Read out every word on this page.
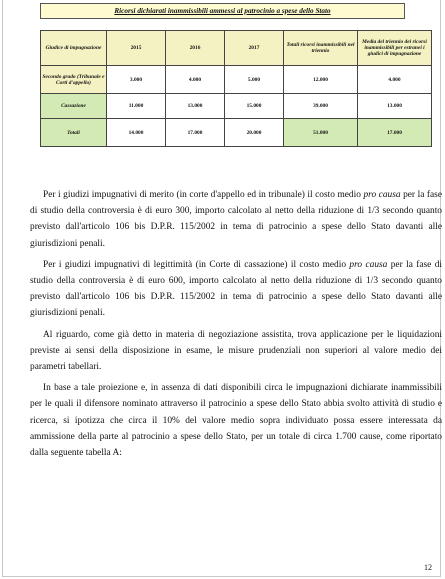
Ricorsi dichiarati inammissibili ammessi al patrocinio a spese dello Stato
Giudice di impugnazione	2015	2016	2017	Totali ricorsi inammissibili nel triennio	Media del triennio dei ricorsi inammissibili per estranei i giudici di impugnazione
Secondo grado (Tribunale e Corti d'appello)	3.000	4.000	5.000	12.000	4.000
Cassazione	11.000	13.000	15.000	39.000	13.000
Totali	14.000	17.000	20.000	51.000	17.000

Per i giudizi impugnativi di merito (in corte d'appello ed in tribunale) il costo medio pro causa per la fase di studio della controversia è di euro 300, importo calcolato al netto della riduzione di 1/3 secondo quanto previsto dall'articolo 106 bis D.P.R. 115/2002 in tema di patrocinio a spese dello Stato davanti alle giurisdizioni penali.

Per i giudizi impugnativi di legittimità (in Corte di cassazione) il costo medio pro causa per la fase di studio della controversia è di euro 600, importo calcolato al netto della riduzione di 1/3 secondo quanto previsto dall'articolo 106 bis D.P.R. 115/2002 in tema di patrocinio a spese dello Stato davanti alle giurisdizioni penali.

Al riguardo, come già detto in materia di negoziazione assistita, trova applicazione per le liquidazioni previste ai sensi della disposizione in esame, le misure prudenziali non superiori al valore medio dei parametri tabellari.

In base a tale proiezione e, in assenza di dati disponibili circa le impugnazioni dichiarate inammissibili per le quali il difensore nominato attraverso il patrocinio a spese dello Stato abbia svolto attività di studio e ricerca, si ipotizza che circa il 10% del valore medio sopra individuato possa essere interessata da ammissione della parte al patrocinio a spese dello Stato, per un totale di circa 1.700 cause, come riportato dalla seguente tabella A:

12
